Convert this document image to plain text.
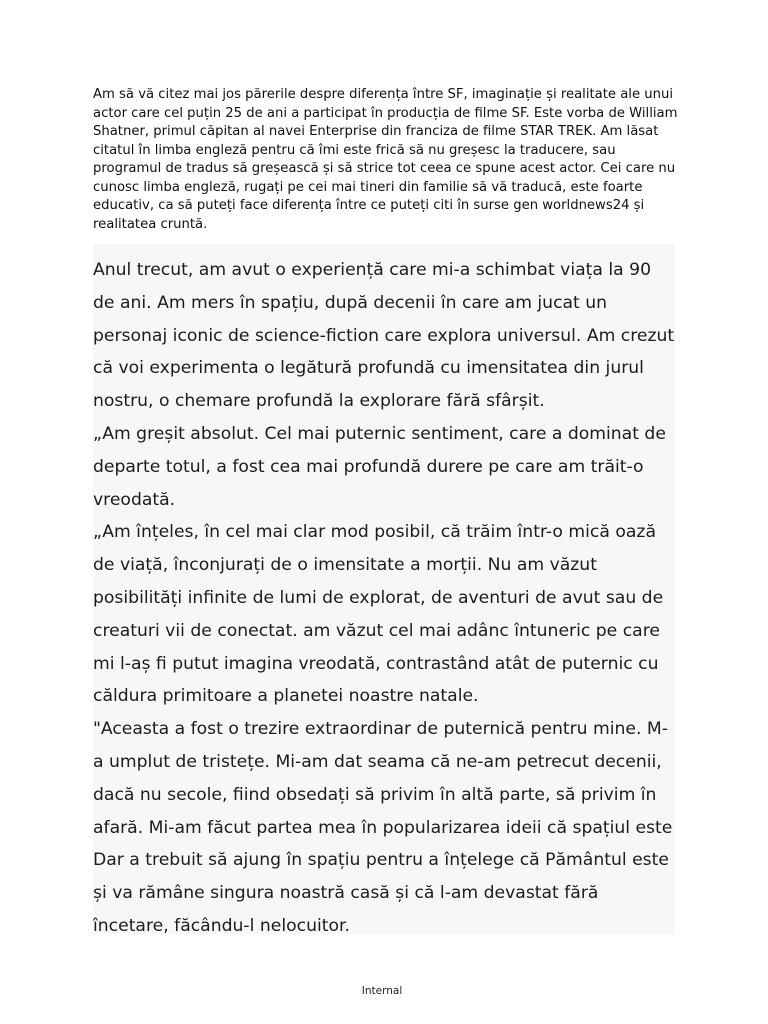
Am să vă citez mai jos părerile despre diferența între SF, imaginație și realitate ale unui actor care cel puțin 25 de ani a participat în producția de filme SF. Este vorba de William Shatner, primul căpitan al navei Enterprise din franciza de filme STAR TREK. Am lăsat citatul în limba engleză pentru că îmi este frică să nu greșesc la traducere, sau programul de tradus să greșească și să strice tot ceea ce spune acest actor. Cei care nu cunosc limba engleză, rugați pe cei mai tineri din familie să vă traducă, este foarte educativ, ca să puteți face diferența între ce puteți citi în surse gen worldnews24 și realitatea cruntă.

Anul trecut, am avut o experiență care mi-a schimbat viața la 90 de ani. Am mers în spațiu, după decenii în care am jucat un personaj iconic de science-fiction care explora universul. Am crezut că voi experimenta o legătură profundă cu imensitatea din jurul nostru, o chemare profundă la explorare fără sfârșit.

„Am greșit absolut. Cel mai puternic sentiment, care a dominat de departe totul, a fost cea mai profundă durere pe care am trăit-o vreodată.

„Am înțeles, în cel mai clar mod posibil, că trăim într-o mică oază de viață, înconjurați de o imensitate a morții. Nu am văzut posibilități infinite de lumi de explorat, de aventuri de avut sau de creaturi vii de conectat. am văzut cel mai adânc întuneric pe care mi l-aș fi putut imagina vreodată, contrastând atât de puternic cu căldura primitoare a planetei noastre natale.

"Aceasta a fost o trezire extraordinar de puternică pentru mine. M-a umplut de tristețe. Mi-am dat seama că ne-am petrecut decenii, dacă nu secole, fiind obsedați să privim în altă parte, să privim în afară. Mi-am făcut partea mea în popularizarea ideii că spațiul este Dar a trebuit să ajung în spațiu pentru a înțelege că Pământul este și va rămâne singura noastră casă și că l-am devastat fără încetare, făcându-l nelocuitor.

Internal
